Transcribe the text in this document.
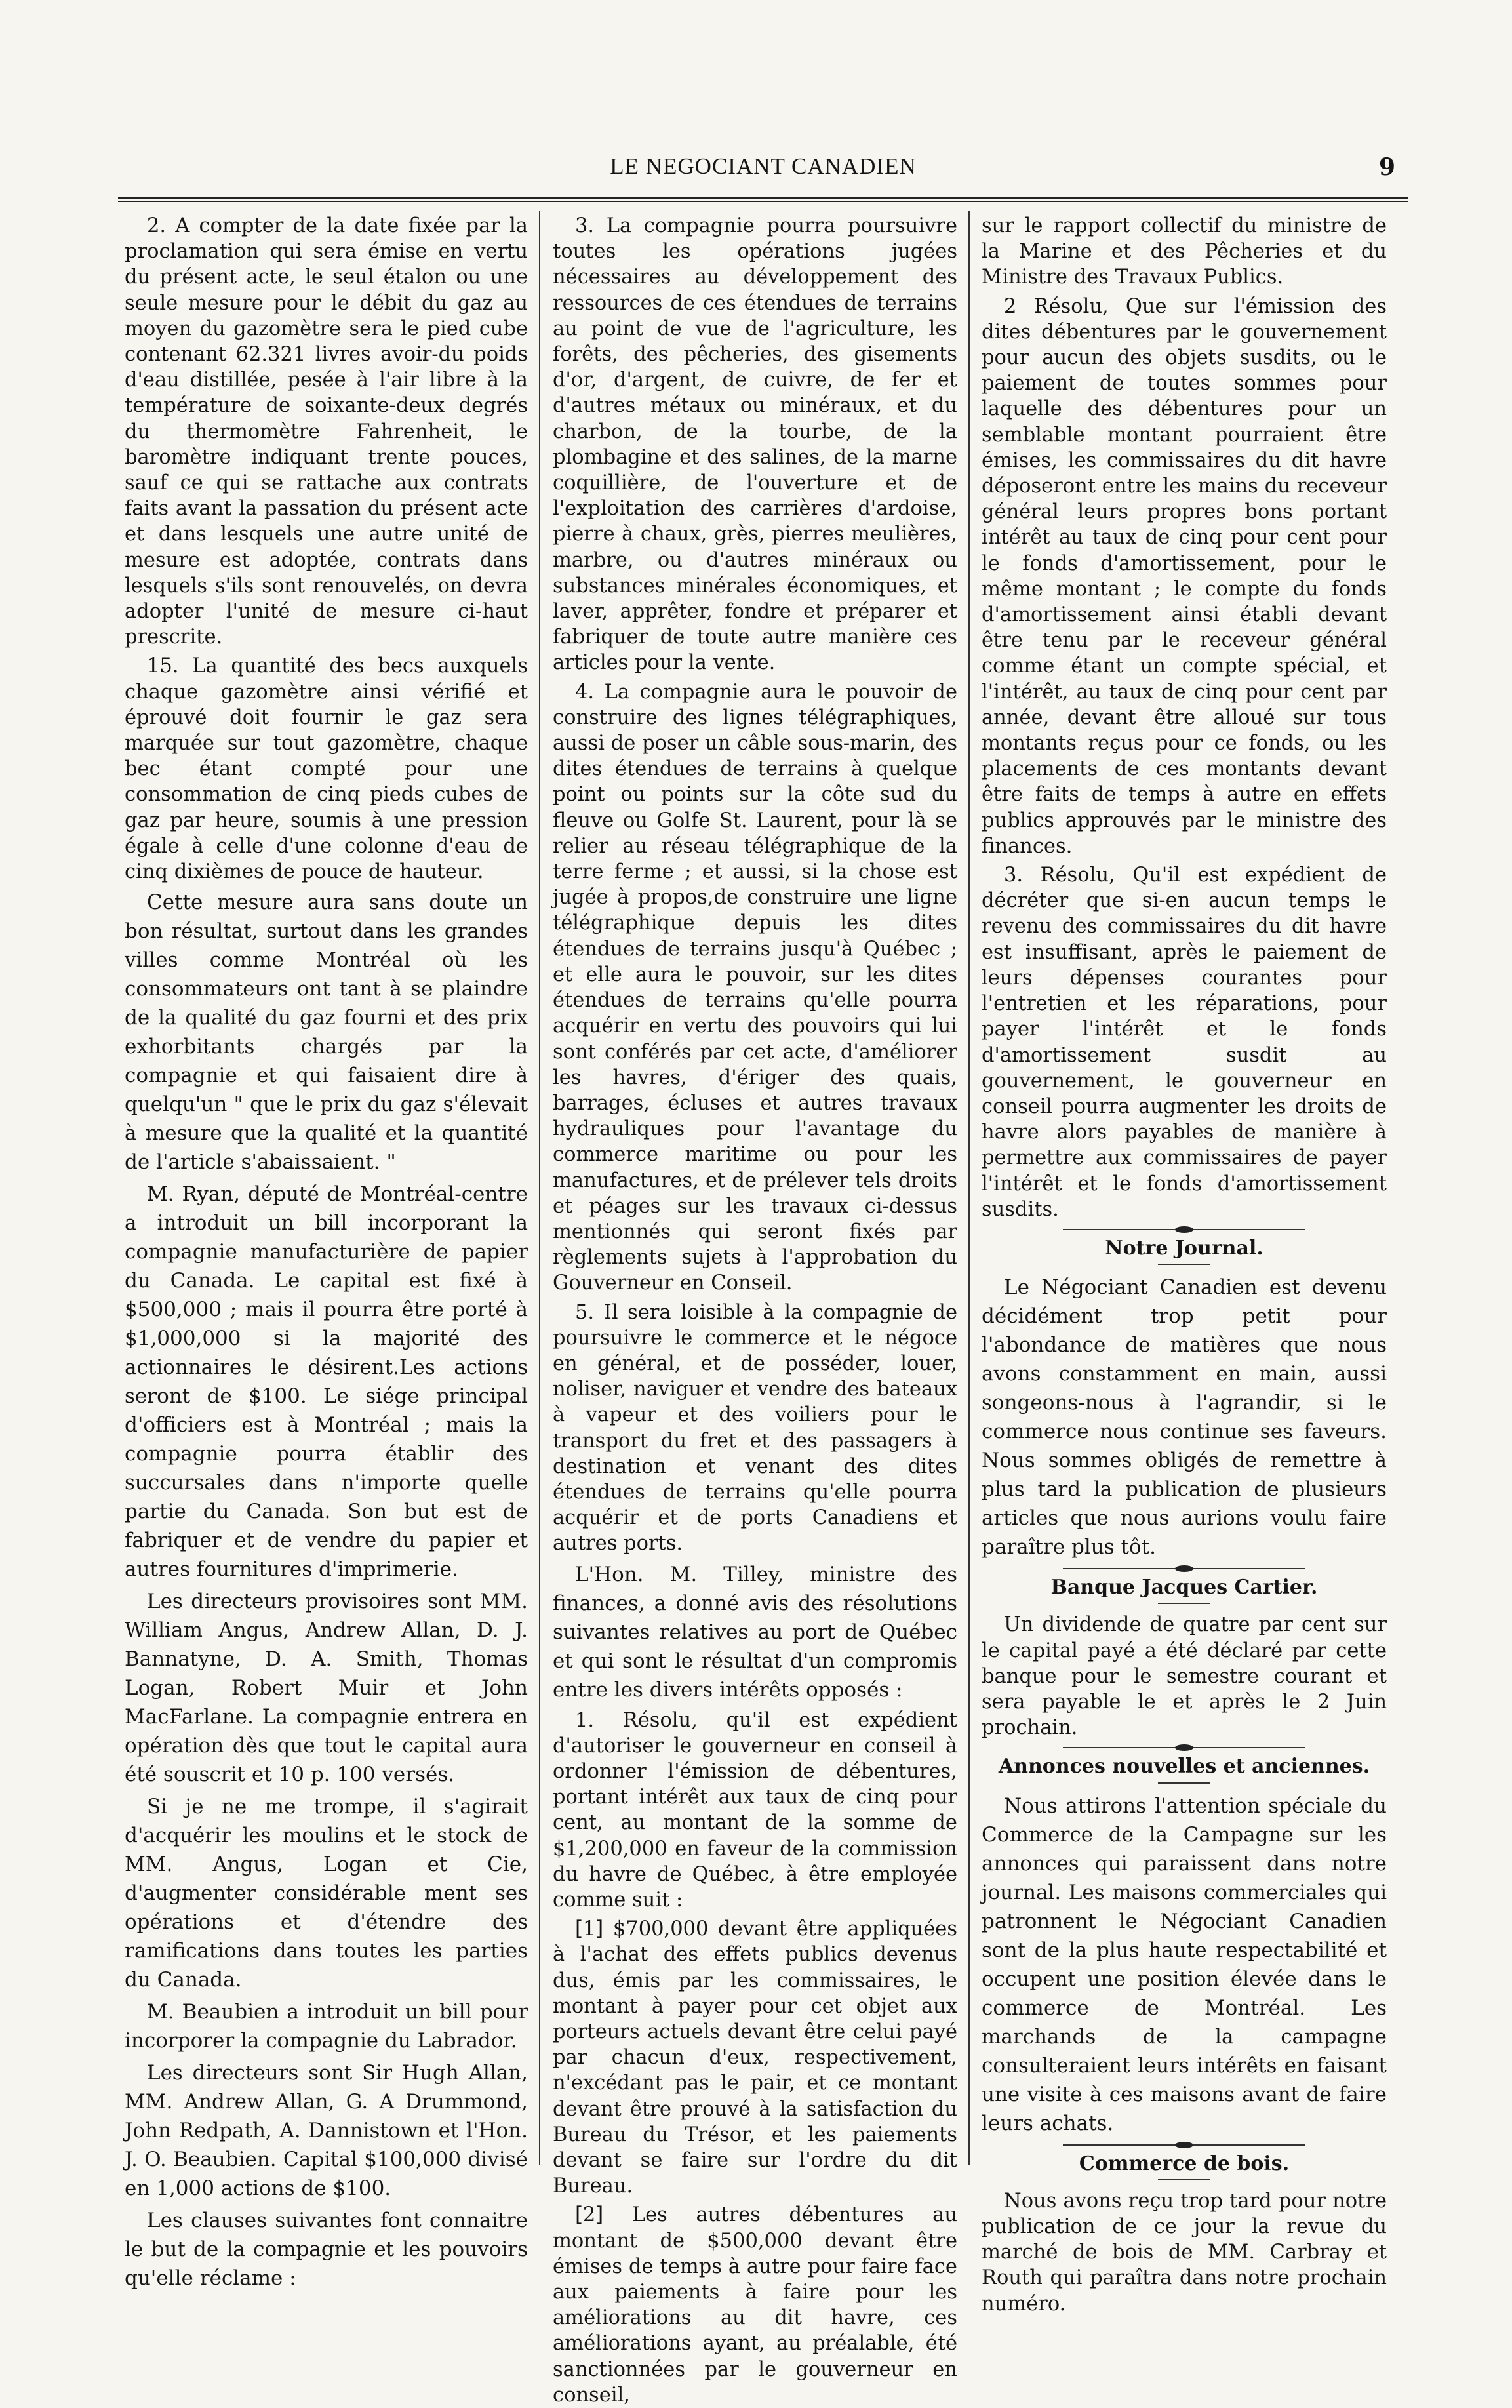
LE NEGOCIANT CANADIEN	9

2. A compter de la date fixée par la proclamation qui sera émise en vertu du présent acte, le seul étalon ou une seule mesure pour le débit du gaz au moyen du gazomètre sera le pied cube contenant 62.321 livres avoir-du poids d'eau distillée, pesée à l'air libre à la température de soixante-deux degrés du thermomètre Fahrenheit, le baromètre indiquant trente pouces, sauf ce qui se rattache aux contrats faits avant la passation du présent acte et dans lesquels une autre unité de mesure est adoptée, contrats dans lesquels s'ils sont renouvelés, on devra adopter l'unité de mesure ci-haut prescrite.

15. La quantité des becs auxquels chaque gazomètre ainsi vérifié et éprouvé doit fournir le gaz sera marquée sur tout gazomètre, chaque bec étant compté pour une consommation de cinq pieds cubes de gaz par heure, soumis à une pression égale à celle d'une colonne d'eau de cinq dixièmes de pouce de hauteur.

Cette mesure aura sans doute un bon résultat, surtout dans les grandes villes comme Montréal où les consommateurs ont tant à se plaindre de la qualité du gaz fourni et des prix exhorbitants chargés par la compagnie et qui faisaient dire à quelqu'un " que le prix du gaz s'élevait à mesure que la qualité et la quantité de l'article s'abaissaient. "

M. Ryan, député de Montréal-centre a introduit un bill incorporant la compagnie manufacturière de papier du Canada. Le capital est fixé à $500,000 ; mais il pourra être porté à $1,000,000 si la majorité des actionnaires le désirent.Les actions seront de $100. Le siége principal d'officiers est à Montréal ; mais la compagnie pourra établir des succursales dans n'importe quelle partie du Canada. Son but est de fabriquer et de vendre du papier et autres fournitures d'imprimerie.

Les directeurs provisoires sont MM. William Angus, Andrew Allan, D. J. Bannatyne, D. A. Smith, Thomas Logan, Robert Muir et John MacFarlane. La compagnie entrera en opération dès que tout le capital aura été souscrit et 10 p. 100 versés.

Si je ne me trompe, il s'agirait d'acquérir les moulins et le stock de MM. Angus, Logan et Cie, d'augmenter considérable ment ses opérations et d'étendre des ramifications dans toutes les parties du Canada.

M. Beaubien a introduit un bill pour incorporer la compagnie du Labrador.

Les directeurs sont Sir Hugh Allan, MM. Andrew Allan, G. A Drummond, John Redpath, A. Dannistown et l'Hon. J. O. Beaubien. Capital $100,000 divisé en 1,000 actions de $100.

Les clauses suivantes font connaitre le but de la compagnie et les pouvoirs qu'elle réclame :

3. La compagnie pourra poursuivre toutes les opérations jugées nécessaires au développement des ressources de ces étendues de terrains au point de vue de l'agriculture, les forêts, des pêcheries, des gisements d'or, d'argent, de cuivre, de fer et d'autres métaux ou minéraux, et du charbon, de la tourbe, de la plombagine et des salines, de la marne coquillière, de l'ouverture et de l'exploitation des carrières d'ardoise, pierre à chaux, grès, pierres meulières, marbre, ou d'autres minéraux ou substances minérales économiques, et laver, apprêter, fondre et préparer et fabriquer de toute autre manière ces articles pour la vente.

4. La compagnie aura le pouvoir de construire des lignes télégraphiques, aussi de poser un câble sous-marin, des dites étendues de terrains à quelque point ou points sur la côte sud du fleuve ou Golfe St. Laurent, pour là se relier au réseau télégraphique de la terre ferme ; et aussi, si la chose est jugée à propos,de construire une ligne télégraphique depuis les dites étendues de terrains jusqu'à Québec ; et elle aura le pouvoir, sur les dites étendues de terrains qu'elle pourra acquérir en vertu des pouvoirs qui lui sont conférés par cet acte, d'améliorer les havres, d'ériger des quais, barrages, écluses et autres travaux hydrauliques pour l'avantage du commerce maritime ou pour les manufactures, et de prélever tels droits et péages sur les travaux ci-dessus mentionnés qui seront fixés par règlements sujets à l'approbation du Gouverneur en Conseil.

5. Il sera loisible à la compagnie de poursuivre le commerce et le négoce en général, et de posséder, louer, noliser, naviguer et vendre des bateaux à vapeur et des voiliers pour le transport du fret et des passagers à destination et venant des dites étendues de terrains qu'elle pourra acquérir et de ports Canadiens et autres ports.

L'Hon. M. Tilley, ministre des finances, a donné avis des résolutions suivantes relatives au port de Québec et qui sont le résultat d'un compromis entre les divers intérêts opposés :

1. Résolu, qu'il est expédient d'autoriser le gouverneur en conseil à ordonner l'émission de débentures, portant intérêt aux taux de cinq pour cent, au montant de la somme de $1,200,000 en faveur de la commission du havre de Québec, à être employée comme suit :

[1] $700,000 devant être appliquées à l'achat des effets publics devenus dus, émis par les commissaires, le montant à payer pour cet objet aux porteurs actuels devant être celui payé par chacun d'eux, respectivement, n'excédant pas le pair, et ce montant devant être prouvé à la satisfaction du Bureau du Trésor, et les paiements devant se faire sur l'ordre du dit Bureau.

[2] Les autres débentures au montant de $500,000 devant être émises de temps à autre pour faire face aux paiements à faire pour les améliorations au dit havre, ces améliorations ayant, au préalable, été sanctionnées par le gouverneur en conseil,

sur le rapport collectif du ministre de la Marine et des Pêcheries et du Ministre des Travaux Publics.

2 Résolu, Que sur l'émission des dites débentures par le gouvernement pour aucun des objets susdits, ou le paiement de toutes sommes pour laquelle des débentures pour un semblable montant pourraient être émises, les commissaires du dit havre déposeront entre les mains du receveur général leurs propres bons portant intérêt au taux de cinq pour cent pour le fonds d'amortissement, pour le même montant ; le compte du fonds d'amortissement ainsi établi devant être tenu par le receveur général comme étant un compte spécial, et l'intérêt, au taux de cinq pour cent par année, devant être alloué sur tous montants reçus pour ce fonds, ou les placements de ces montants devant être faits de temps à autre en effets publics approuvés par le ministre des finances.

3. Résolu, Qu'il est expédient de décréter que si-en aucun temps le revenu des commissaires du dit havre est insuffisant, après le paiement de leurs dépenses courantes pour l'entretien et les réparations, pour payer l'intérêt et le fonds d'amortissement susdit au gouvernement, le gouverneur en conseil pourra augmenter les droits de havre alors payables de manière à permettre aux commissaires de payer l'intérêt et le fonds d'amortissement susdits.

Notre Journal.

Le Négociant Canadien est devenu décidément trop petit pour l'abondance de matières que nous avons constamment en main, aussi songeons-nous à l'agrandir, si le commerce nous continue ses faveurs. Nous sommes obligés de remettre à plus tard la publication de plusieurs articles que nous aurions voulu faire paraître plus tôt.

Banque Jacques Cartier.

Un dividende de quatre par cent sur le capital payé a été déclaré par cette banque pour le semestre courant et sera payable le et après le 2 Juin prochain.

Annonces nouvelles et anciennes.

Nous attirons l'attention spéciale du Commerce de la Campagne sur les annonces qui paraissent dans notre journal. Les maisons commerciales qui patronnent le Négociant Canadien sont de la plus haute respectabilité et occupent une position élevée dans le commerce de Montréal. Les marchands de la campagne consulteraient leurs intérêts en faisant une visite à ces maisons avant de faire leurs achats.

Commerce de bois.

Nous avons reçu trop tard pour notre publication de ce jour la revue du marché de bois de MM. Carbray et Routh qui paraîtra dans notre prochain numéro.
